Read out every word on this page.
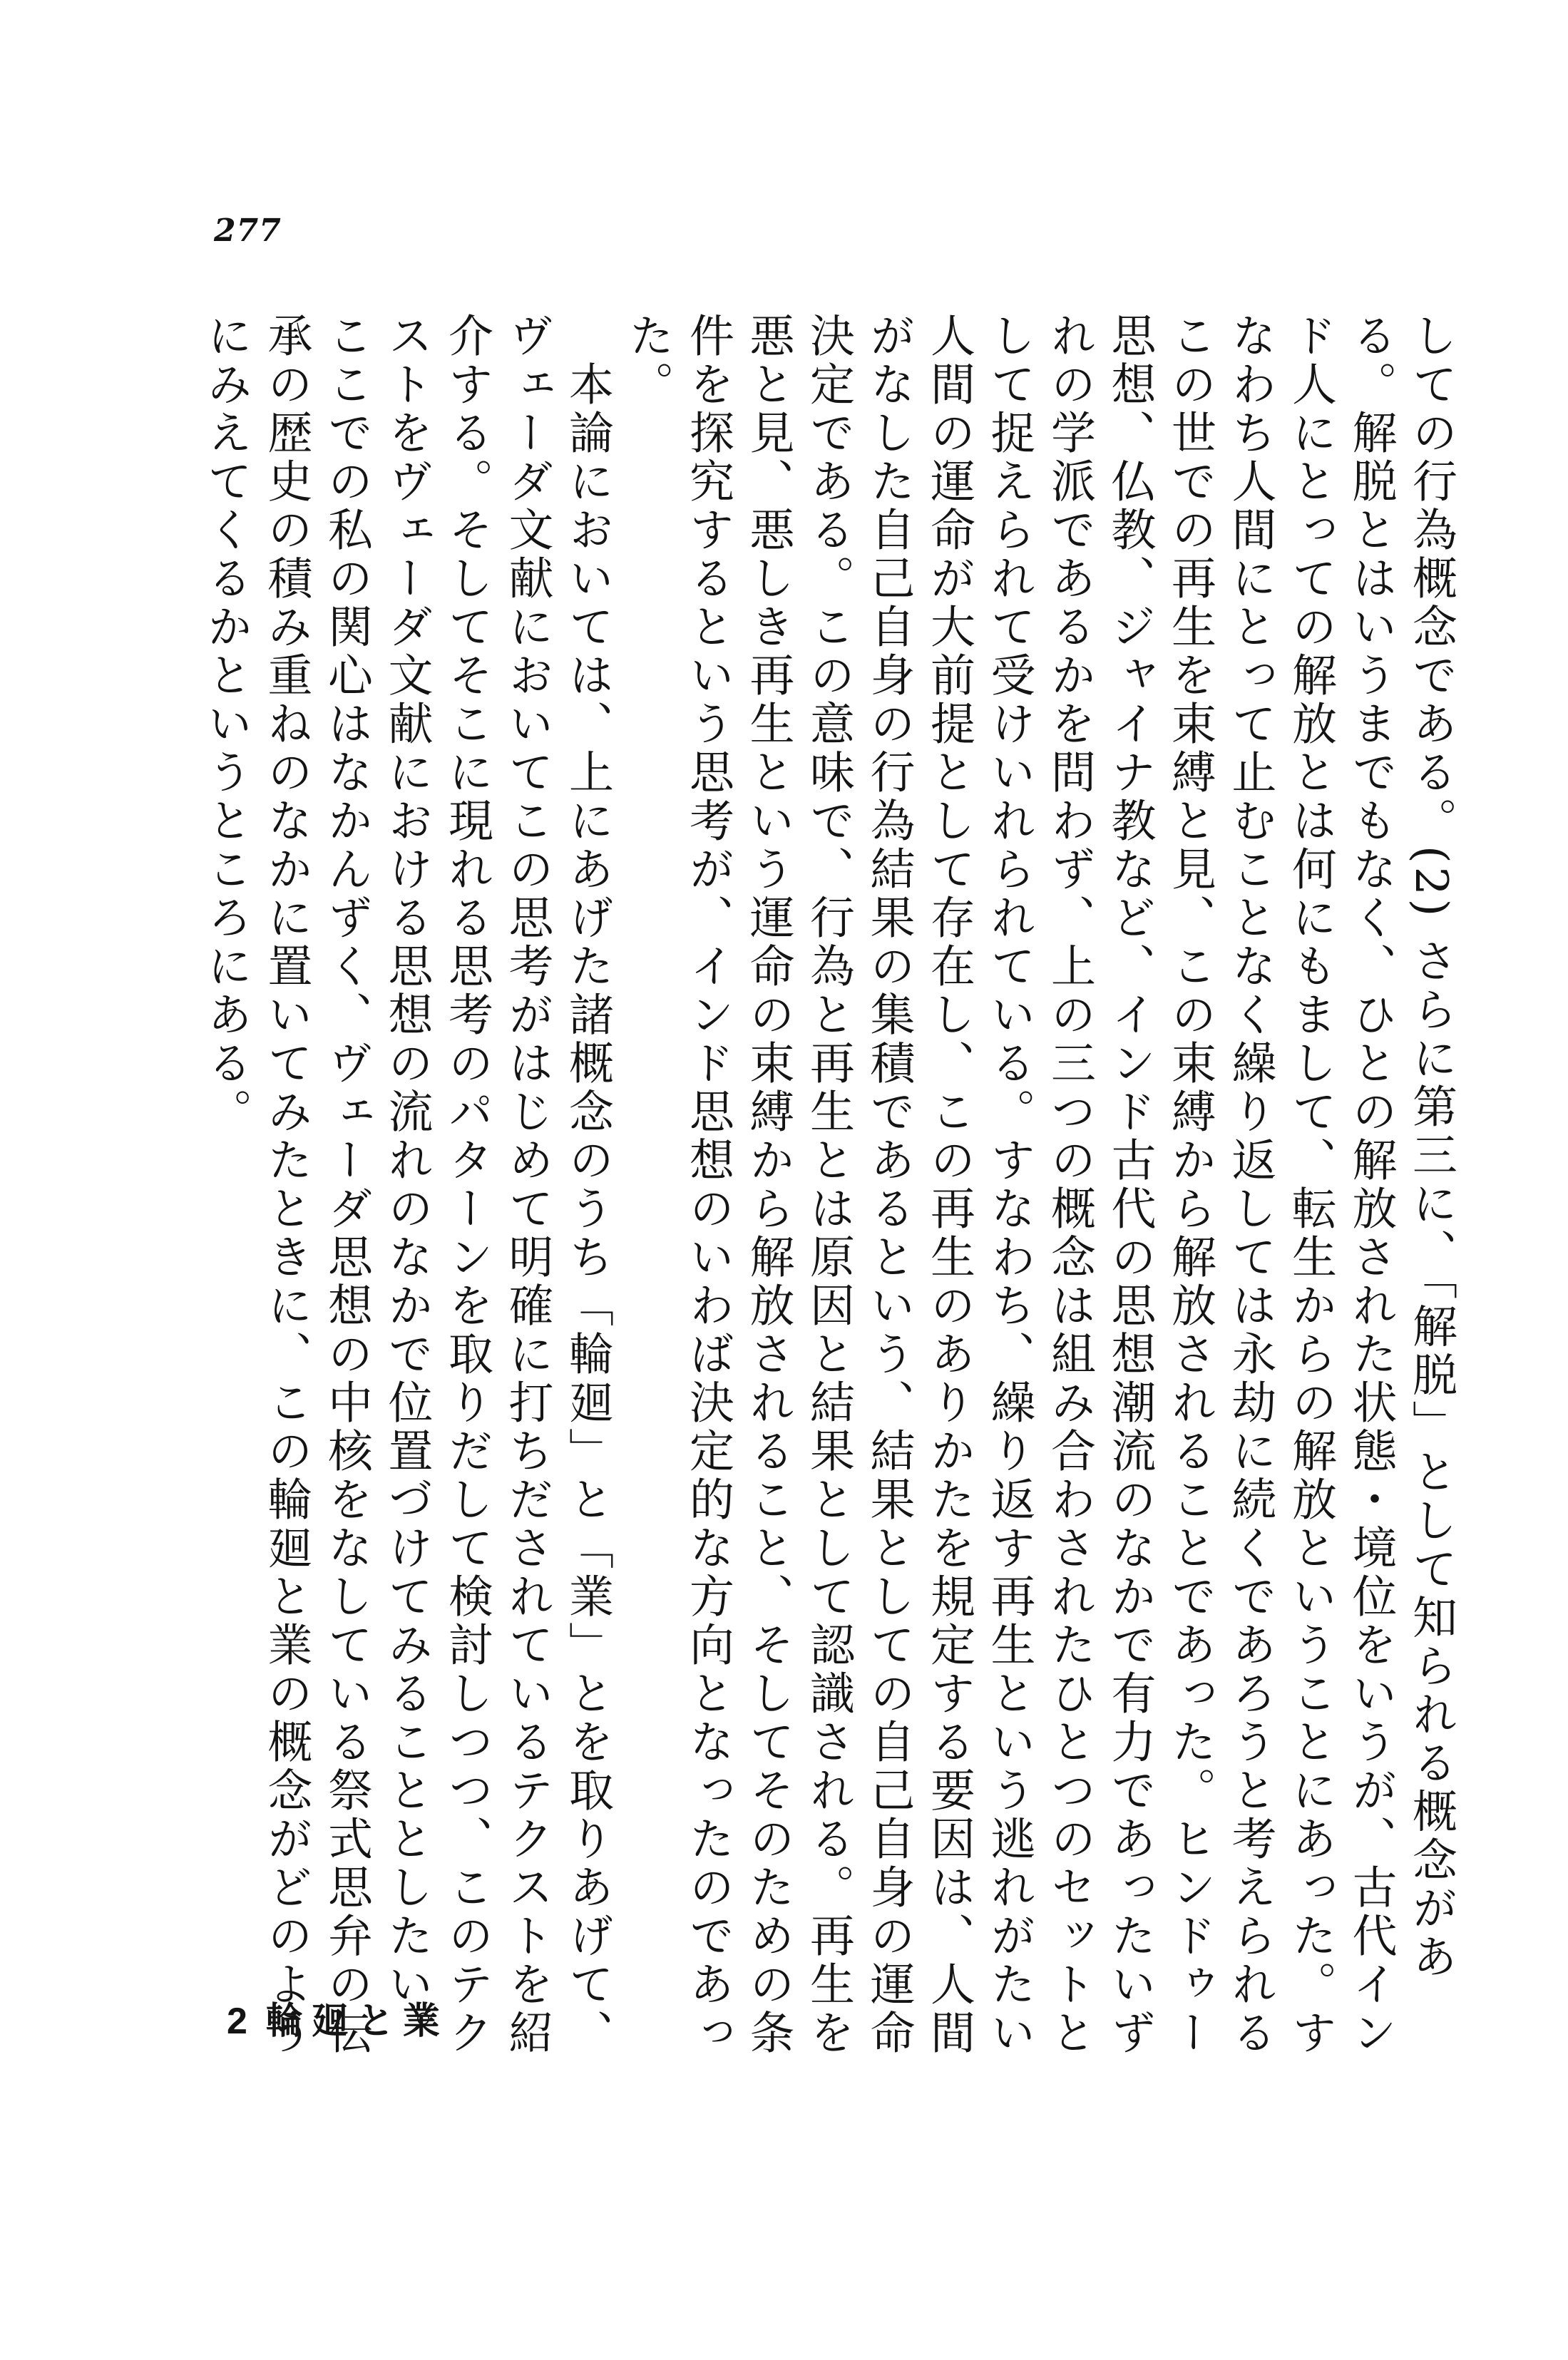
277

しての行為概念である。(2) さらに第三に、「解脱」として知られる概念がある。解脱とはいうまでもなく、ひとの解放された状態・境位をいうが、古代インド人にとっての解放とは何にもまして、転生からの解放ということにあった。すなわち人間にとって止むことなく繰り返しては永劫に続くであろうと考えられるこの世での再生を束縛と見、この束縛から解放されることであった。ヒンドゥー思想、仏教、ジャイナ教など、インド古代の思想潮流のなかで有力であったいずれの学派であるかを問わず、上の三つの概念は組み合わされたひとつのセットとして捉えられて受けいれられている。すなわち、繰り返す再生という逃れがたい人間の運命が大前提として存在し、この再生のありかたを規定する要因は、人間がなした自己自身の行為結果の集積であるという、結果としての自己自身の運命決定である。この意味で、行為と再生とは原因と結果として認識される。再生を悪と見、悪しき再生という運命の束縛から解放されること、そしてそのための条件を探究するという思考が、インド思想のいわば決定的な方向となったのであった。

　本論においては、上にあげた諸概念のうち「輪廻」と「業」とを取りあげて、ヴェーダ文献においてこの思考がはじめて明確に打ちだされているテクストを紹介する。そしてそこに現れる思考のパターンを取りだして検討しつつ、このテクストをヴェーダ文献における思想の流れのなかで位置づけてみることとしたい。ここでの私の関心はなかんずく、ヴェーダ思想の中核をなしている祭式思弁の伝承の歴史の積み重ねのなかに置いてみたときに、この輪廻と業の概念がどのようにみえてくるかというところにある。

2 輪廻と業
